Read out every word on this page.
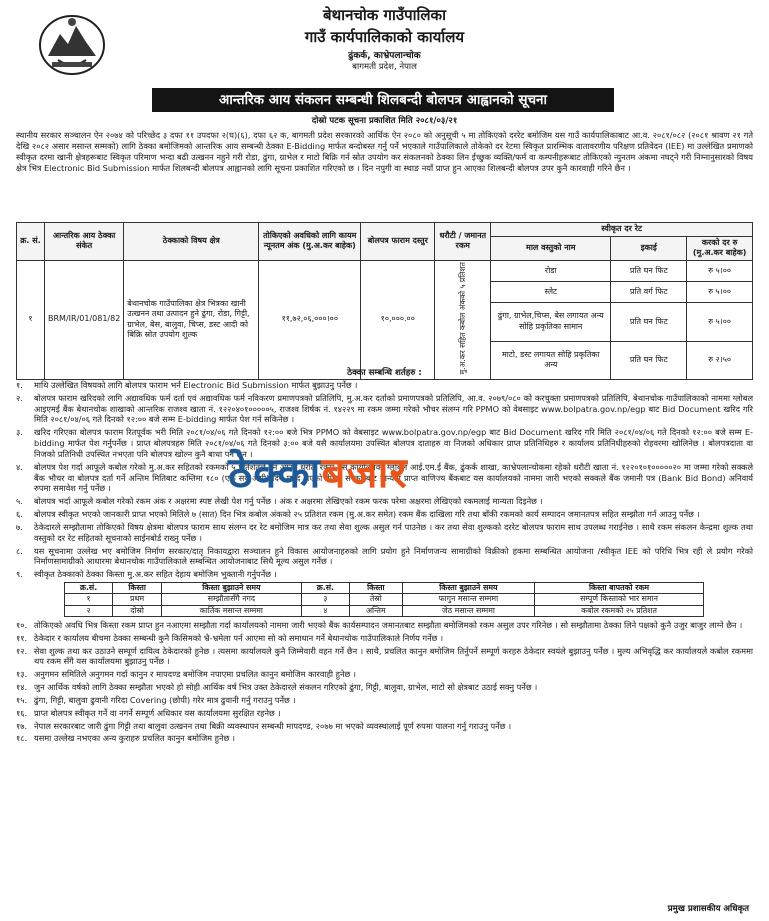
बेथानचोक गाउँपालिका
गाउँ कार्यपालिकाको कार्यालय
ढुंकर्क, काभ्रेपलान्चोक
बागमती प्रदेश, नेपाल
आन्तरिक आय संकलन सम्बन्धी शिलबन्दी बोलपत्र आह्वानको सूचना
दोस्रो पटक सूचना प्रकाशित मिति २०८१/०३/२१
स्थानीय सरकार सञ्चालन ऐन २०७४ को परिच्छेद ३ दफा ११ उपदफा २(घ)(६), दफा ६२ क, बागमती प्रदेश सरकारको आर्थिक ऐन २०८० को अनुसूची ५ मा तोकिएको दररेट बमोजिम यस गाउँ कार्यपालिकाबाट आ.व. २०८१/०८२ (२०८१ श्रावण २१ गते देखि २०८२ असार मसान्त सम्मको) लागि ठेक्का बमोजिमको आन्तरिक आय सम्बन्धी ठेक्का E-Bidding मार्फत बन्दोबस्त गर्नु पर्ने भएकाले गाउँपालिकाले तोकेको दर रेटमा स्विकृत प्रारम्भिक वातावरणीय परिक्षण प्रतिवेदन (IEE) मा उल्लेखित प्रमाणको स्वीकृत दरमा खानी क्षेत्रहरूबाट स्विकृत परिमाण भन्दा बढी उत्खनन नहुने गरी रोडा, ढुंगा, ग्राभेल र माटो बिक्रि गर्न स्रोत उपयोग कर संकलनको ठेक्का लिन ईच्छुक व्यक्ति/फर्म वा कम्पनीहरूबाट तोकिएको न्युनतम अंकमा नघट्ने गरी निम्नानुसारको विषय क्षेत्र भित्र Electronic Bid Submission मार्फत शिलबन्दी बोलपत्र आह्वानको लागि सूचना प्रकाशित गरिएको छ । दिन नपुगी वा स्थाङ नयाँ प्राप्त हुन आएका शिलबन्दी बोलपत्र उपर कुनै कारवाही गरिने छैन ।
क्र. सं.	आन्तरिक आय ठेक्का संकेत	ठेक्काको विषय क्षेत्र	तोकिएको अवधिको लागि कायम न्यूनतम अंक (मु.अ.कर बाहेक)	बोलपत्र फाराम दस्तुर	धरौटी / जमानत रकम	स्वीकृत दर रेट		
						माल वस्तुको नाम	इकाई	करको दर रु (मु.अ.कर बाहेक)
१	BRM/IR/01/081/82	बेथानचोक गाउँपालिका क्षेत्र भित्रका खानी उत्खनन तथा उत्पादन हुने ढुंगा, रोडा, गिट्टी, ग्राभेल, बेस, बालुवा, चिप्स, डस्ट आदी को बिक्रि स्रोत उपयोग शुल्क	११,७२,०६,०००।००	१०,०००.००	मु.अ.कर सहित कबोल अंकको ५ प्रतिशत	रोडा	प्रति घन फिट	रु ५।००
						स्लेट	प्रति वर्ग फिट	रु ५।००
						ढुंगा, ग्राभेल,चिप्स, बेस लगायत अन्य सोहि प्रकृतिका सामान	प्रति घन फिट	रु ५।००
						माटो, डस्ट लगायत सोहि प्रकृतिका अन्य	प्रति घन फिट	रु २।५०
ठेक्का सम्बन्धि शर्तहरु :
१.	माथि उल्लेखित विषयको लागि बोलपत्र फाराम भर्न Electronic Bid Submission मार्फत बुझाउनु पर्नेछ ।
२.	बोलपत्र फाराम खरिदको लागि अद्यावधिक फर्म दर्ता एवं अद्यावधिक फर्म नविकरण प्रमाणपत्रको प्रतिलिपि, मु.अ.कर दर्ताको प्रमाणपत्रको प्रतिलिपि, आ.व. २०७९/०८० को करचुक्ता प्रमाणपत्रको प्रतिलिपि, बेथानचोक गाउँपालिकाको नाममा ग्लोबल आइएमई बैंक बेथानचोक शाखाको आन्तरिक राजश्व खाता नं. १२२०४०१०००००५, राजश्व शिर्षक नं. १४२२९ मा रकम जम्मा गरेको भौचर संलग्न गरि PPMO को वेबसाइट www.bolpatra.gov.np/egp बाट Bid Document खरिद गरि मिति २०८१/०४/०६ गते दिनको १२:०० बजे सम्म E-bidding मार्फत पेश गर्न सकिनेछ ।
३.	खरिद गरिएका बोलपत्र फाराम रितपूर्वक भरी मिति २०८१/०४/०६ गते दिनको १२:०० बजे भित्र PPMO को वेबसाइट www.bolpatra.gov.np/egp बाट Bid Document खरिद गरि मिति २०८१/०४/०६ गते दिनको १२:०० बजे सम्म E-bidding मार्फत पेश गर्नुपर्नेछ । प्राप्त बोलपत्रहरु मिति २०८१/०४/०६ गते दिनको ३:०० बजे यसै कार्यालयमा उपस्थित बोलपत्र दाताहरु वा निजको अधिकार प्राप्त प्रतिनिधिहरु र कार्यालय प्रतिनिधीहरुको रोहवरमा खोलिनेछ । बोलपत्रदाता वा निजको प्रतिनिधी उपस्थित नभएता पनि बोलपत्र खोल्न कुनै बाधा पर्ने छैन ।
४.	बोलपत्र पेश गर्दा आफूले कबोल गरेको मु.अ.कर सहितको रकमको ५ प्रतिशतले हुन आउने धरौटी रकम यस कार्यालयको ग्लोबल आई.एम.ई बैंक, ढुंकर्क शाखा, काभ्रेपलान्चोकमा रहेको धरौटी खाता नं. १२२०१०१०००००२० मा जम्मा गरेको सक्कले बैंक भौचर वा बोलपत्र दर्ता गर्ने अन्तिम मितिबाट कम्तिमा १८० (एक सय असी) दिन म्याद भएको नेपाल सरकारबाट मान्यता प्राप्त वाणिज्य बैंकबाट यस कार्यालयको नाममा जारी भएको सक्कले बैंक जमानी पत्र (Bank Bid Bond) अनिवार्य रुपमा समावेश गर्नु पर्नेछ ।
५.	बोलपत्र भर्दा आफूले कबोल गरेको रकम अंक र अक्षरमा स्पष्ट लेखी पेश गर्नु पर्नेछ । अंक र अक्षरमा लेखिएको रकम फरक परेमा अक्षरमा लेखिएको रकमलाई मान्यता दिइनेछ ।
६.	बोलपत्र स्वीकृत भएको जानकारी प्राप्त भएको मितिले ७ (सात) दिन भित्र कबोल अंकको २५ प्रतिशत रकम (मु.अ.कर समेत) रकम बैंक दाखिला गरि तथा बाँकी रकमको कार्य सम्पादन जमानतपत्र सहित सम्झौता गर्न आउनु पर्नेछ ।
७.	ठेकेदारले सम्झौतामा तोकिएको विषय क्षेत्रमा बोलपत्र फाराम साथ संलग्न दर रेट बमोजिम मात्र कर तथा सेवा शुल्क असुल गर्न पाउनेछ । कर तथा सेवा शुल्कको दररेट बोलपत्र फाराम साथ उपलब्ध गराईनेछ । साथै रकम संकलन केन्द्रमा शुल्क तथा वस्तुको दर रेट सहितको सूचनाको साईनबोर्ड राख्नु पर्नेछ ।
८.	यस सूचनामा उल्लेख भए बमोजिम निर्माण सरकार/दातृ निकायद्वारा सञ्चालन हुने विकास आयोजनाहरुको लागि प्रयोग हुने निर्माणजन्य सामाग्रीको विक्रीको हकमा सम्बन्धित आयोजना /स्वीकृत IEE को परिधि भित्र रही ले प्रयोग गरेको निर्माणसामाग्रीको आधारमा बेथानचोक गाउँपालिकाले सम्बन्धित आयोजनाबाट सिधै मूल्य असुल गर्नेछ ।
९.	स्वीकृत ठेक्काको ठेक्का किस्ता मु.अ.कर सहित देहाय बमोजिम भुक्तानी गर्नुपर्नेछ ।
क्र.सं.	किस्ता	किस्ता बुझाउने समय	क्र.सं.	किस्ता	किस्ता बुझाउने समय	किस्ता बापतको रकम
१	प्रथम	सम्झौतासँगै नगद	३	तेस्रो	फागुन मसान्त सम्ममा	सम्पूर्ण किस्ताको भार समान
२	दोस्रो	कार्तिक मसान्त सम्ममा	४	अन्तिम	जेठ मसान्त सम्ममा	कबोल रकमको २५ प्रतिशत
१०. तोकिएको अवधि भित्र किस्ता रकम प्राप्त हुन नआएमा सम्झौता गर्दा कार्यालयको नाममा जारी भएको बैंक कार्यसम्पादन जमानतबाट सम्झौता बमोजिमको रकम असुल उपर गरिनेछ । सो सम्झौतामा ठेक्का लिने पक्षको कुनै उजुर बाजुर लाग्ने छैन ।
११. ठेकेदार र कार्यालय बीचमा ठेक्का सम्बन्धी कुनै किसिमको भ्रै-भ्रमेला पर्न आएमा सो को समाधान गर्ने बेथानचोक गाउँपालिकाले निर्णय गर्नेछ ।
१२. सेवा शुल्क तथा कर उठाउने सम्पूर्ण दायित्व ठेकेदारको हुनेछ । त्यसमा कार्यालयले कुनै जिम्मेवारी वहन गर्ने छैन । साथै, प्रचलित कानुन बमोजिम तिर्नुपर्ने सम्पूर्ण करहरु ठेकेदार स्वयंले बुझाउनु पर्नेछ । मुल्य अभिवृद्धि कर कार्यालयले कबोल रकममा थप रकम सँगै यस कार्यालयमा बुझाउनु पर्नेछ ।
१३. अनुगमन समितिले अनुगमन गर्दा कानुन र मापदण्ड बमोजिम नपाएमा प्रचलित कानुन बमोजिम कारवाही हुनेछ ।
१४. जुन आर्थिक वर्षको लागि ठेक्का सम्झौता भएको हो सोही आर्थिक वर्ष भित्र उक्त ठेकेदारले संकलन गरिएको ढुंगा, गिट्टी, बालुवा, ग्राभेल, माटो सो क्षेत्रबाट उठाई सक्नु पर्नेछ ।
१५. ढुंगा, गिट्टी, बालुवा ढुवानी गरिदा Covering (छोपी) गरेर मात्र ढुवानी गर्नु गराउनु पर्नेछ ।
१६. प्राप्त बोलपत्र स्वीकृत गर्ने वा नगर्ने सम्पूर्ण अधिकार यस कार्यालयमा सुरक्षित रहनेछ ।
१७. नेपाल सरकारबाट जारी ढुंगा गिट्टी तथा बालुवा उत्खनन तथा बिक्री व्यवस्थापन सम्बन्धी मापदण्ड, २०७७ मा भएको व्यवस्थालाई पूर्ण रुपमा पालना गर्नु गराउनु पर्नेछ ।
१८. यसमा उल्लेख नभएका अन्य कुराहरु प्रचलित कानुन बमोजिम हुनेछ ।
ठेक्काबजार
प्रमुख प्रशासकीय अधिकृत
